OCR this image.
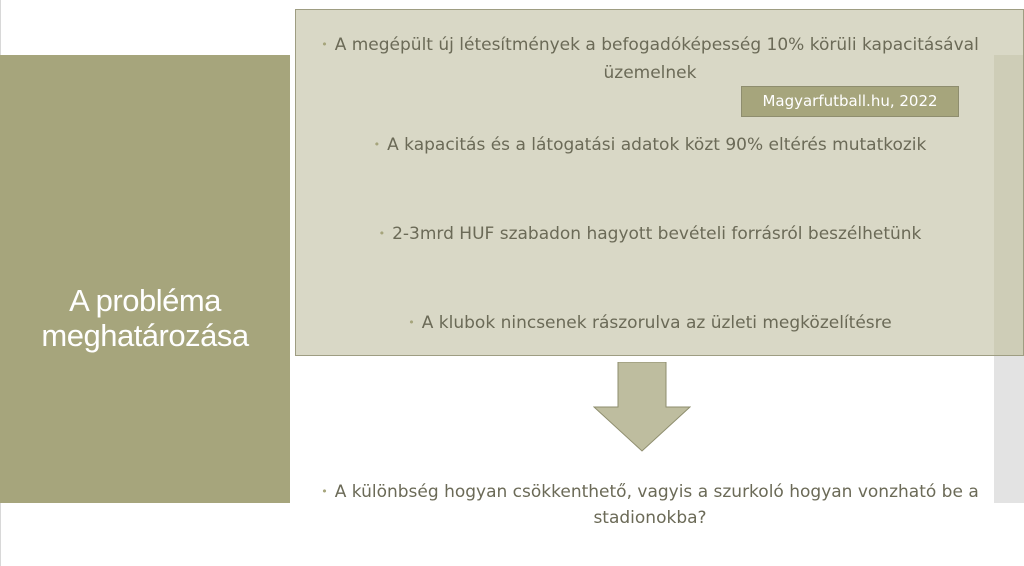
A probléma
meghatározása
• A megépült új létesítmények a befogadóképesség 10% körüli kapacitásával üzemelnek
Magyarfutball.hu, 2022
• A kapacitás és a látogatási adatok közt 90% eltérés mutatkozik
• 2-3mrd HUF szabadon hagyott bevételi forrásról beszélhetünk
• A klubok nincsenek rászorulva az üzleti megközelítésre
• A különbség hogyan csökkenthető, vagyis a szurkoló hogyan vonzható be a stadionokba?
